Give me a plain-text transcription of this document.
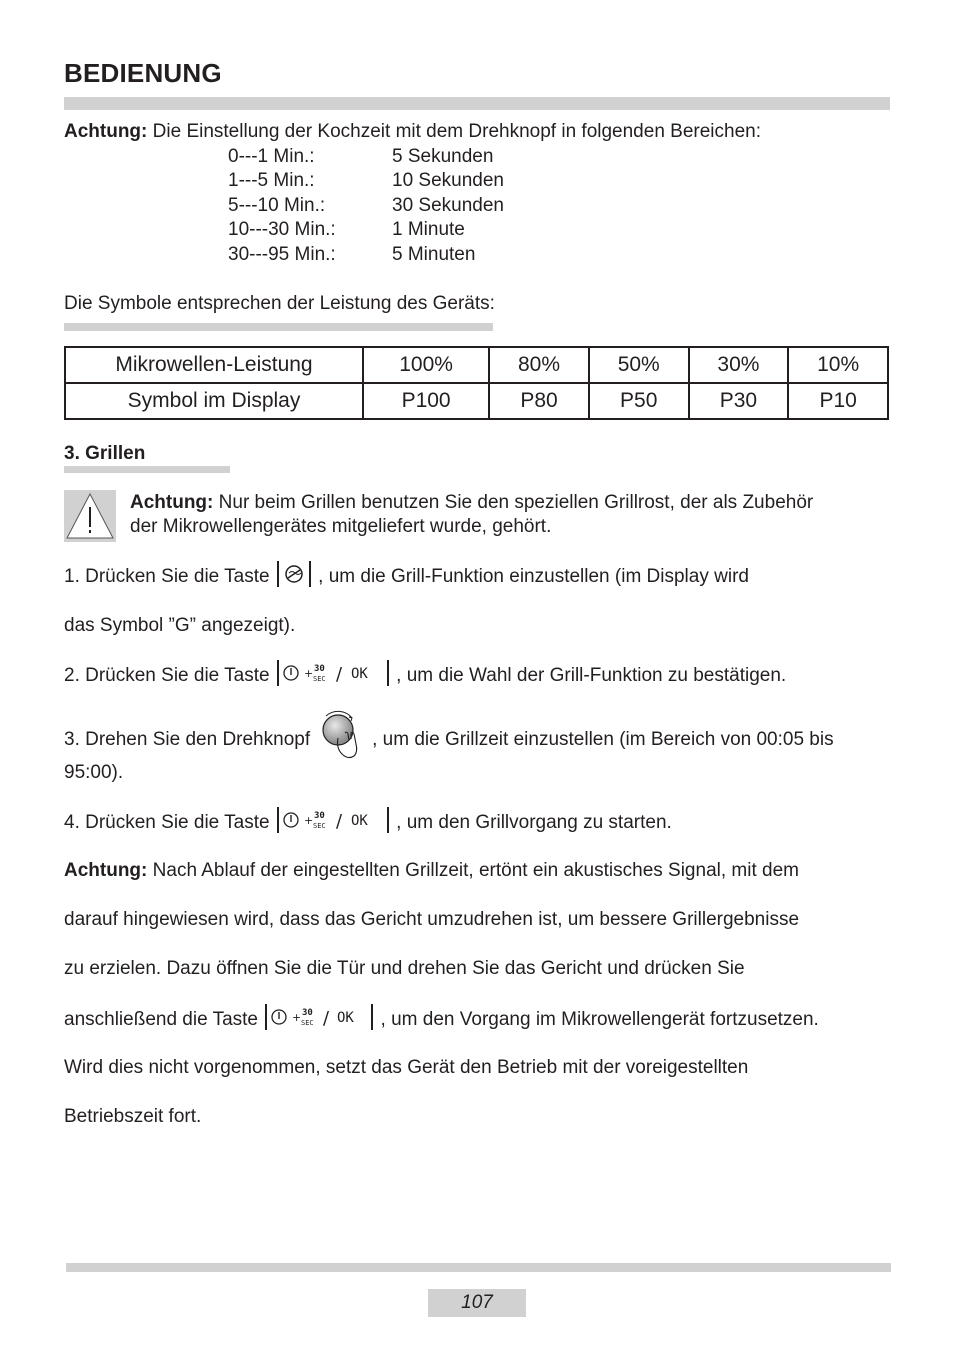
BEDIENUNG
Achtung: Die Einstellung der Kochzeit mit dem Drehknopf in folgenden Bereichen:
0---1 Min.:	5 Sekunden
1---5 Min.:	10 Sekunden
5---10 Min.:	30 Sekunden
10---30 Min.:	1 Minute
30---95 Min.:	5 Minuten
Die Symbole entsprechen der Leistung des Geräts:
Mikrowellen-Leistung	100%	80%	50%	30%	10%
Symbol im Display	P100	P80	P50	P30	P10
3. Grillen
Achtung: Nur beim Grillen benutzen Sie den speziellen Grillrost, der als Zubehör
der Mikrowellengerätes mitgeliefert wurde, gehört.
1. Drücken Sie die Taste  , um die Grill-Funktion einzustellen (im Display wird
das Symbol ”G” angezeigt).
2. Drücken Sie die Taste	+ 30
SEC / OK , um die Wahl der Grill-Funktion zu bestätigen.
3. Drehen Sie den Drehknopf	, um die Grillzeit einzustellen (im Bereich von 00:05 bis
95:00).
4. Drücken Sie die Taste	+ 30
SEC / OK , um den Grillvorgang zu starten.
Achtung: Nach Ablauf der eingestellten Grillzeit, ertönt ein akustisches Signal, mit dem
darauf hingewiesen wird, dass das Gericht umzudrehen ist, um bessere Grillergebnisse
zu erzielen. Dazu öffnen Sie die Tür und drehen Sie das Gericht und drücken Sie
anschließend die Taste	+ 30
SEC / OK , um den Vorgang im Mikrowellengerät fortzusetzen.
Wird dies nicht vorgenommen, setzt das Gerät den Betrieb mit der voreigestellten
Betriebszeit fort.
107
